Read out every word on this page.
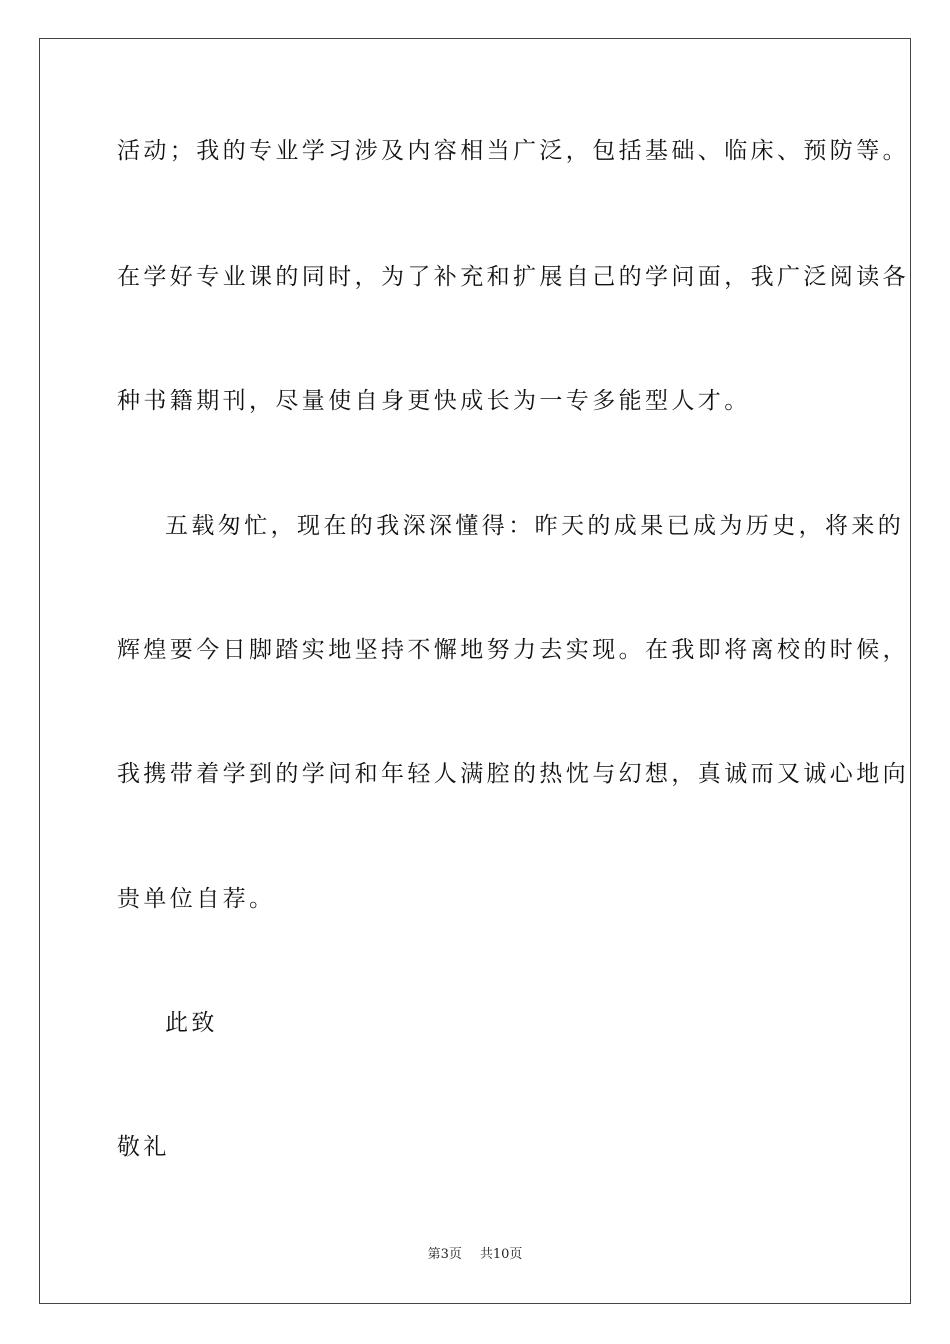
活动；我的专业学习涉及内容相当广泛，包括基础、临床、预防等。
在学好专业课的同时，为了补充和扩展自己的学问面，我广泛阅读各
种书籍期刊，尽量使自身更快成长为一专多能型人才。
五载匆忙，现在的我深深懂得：昨天的成果已成为历史，将来的
辉煌要今日脚踏实地坚持不懈地努力去实现。在我即将离校的时候，
我携带着学到的学问和年轻人满腔的热忱与幻想，真诚而又诚心地向
贵单位自荐。
此致
敬礼
第3页 共10页
